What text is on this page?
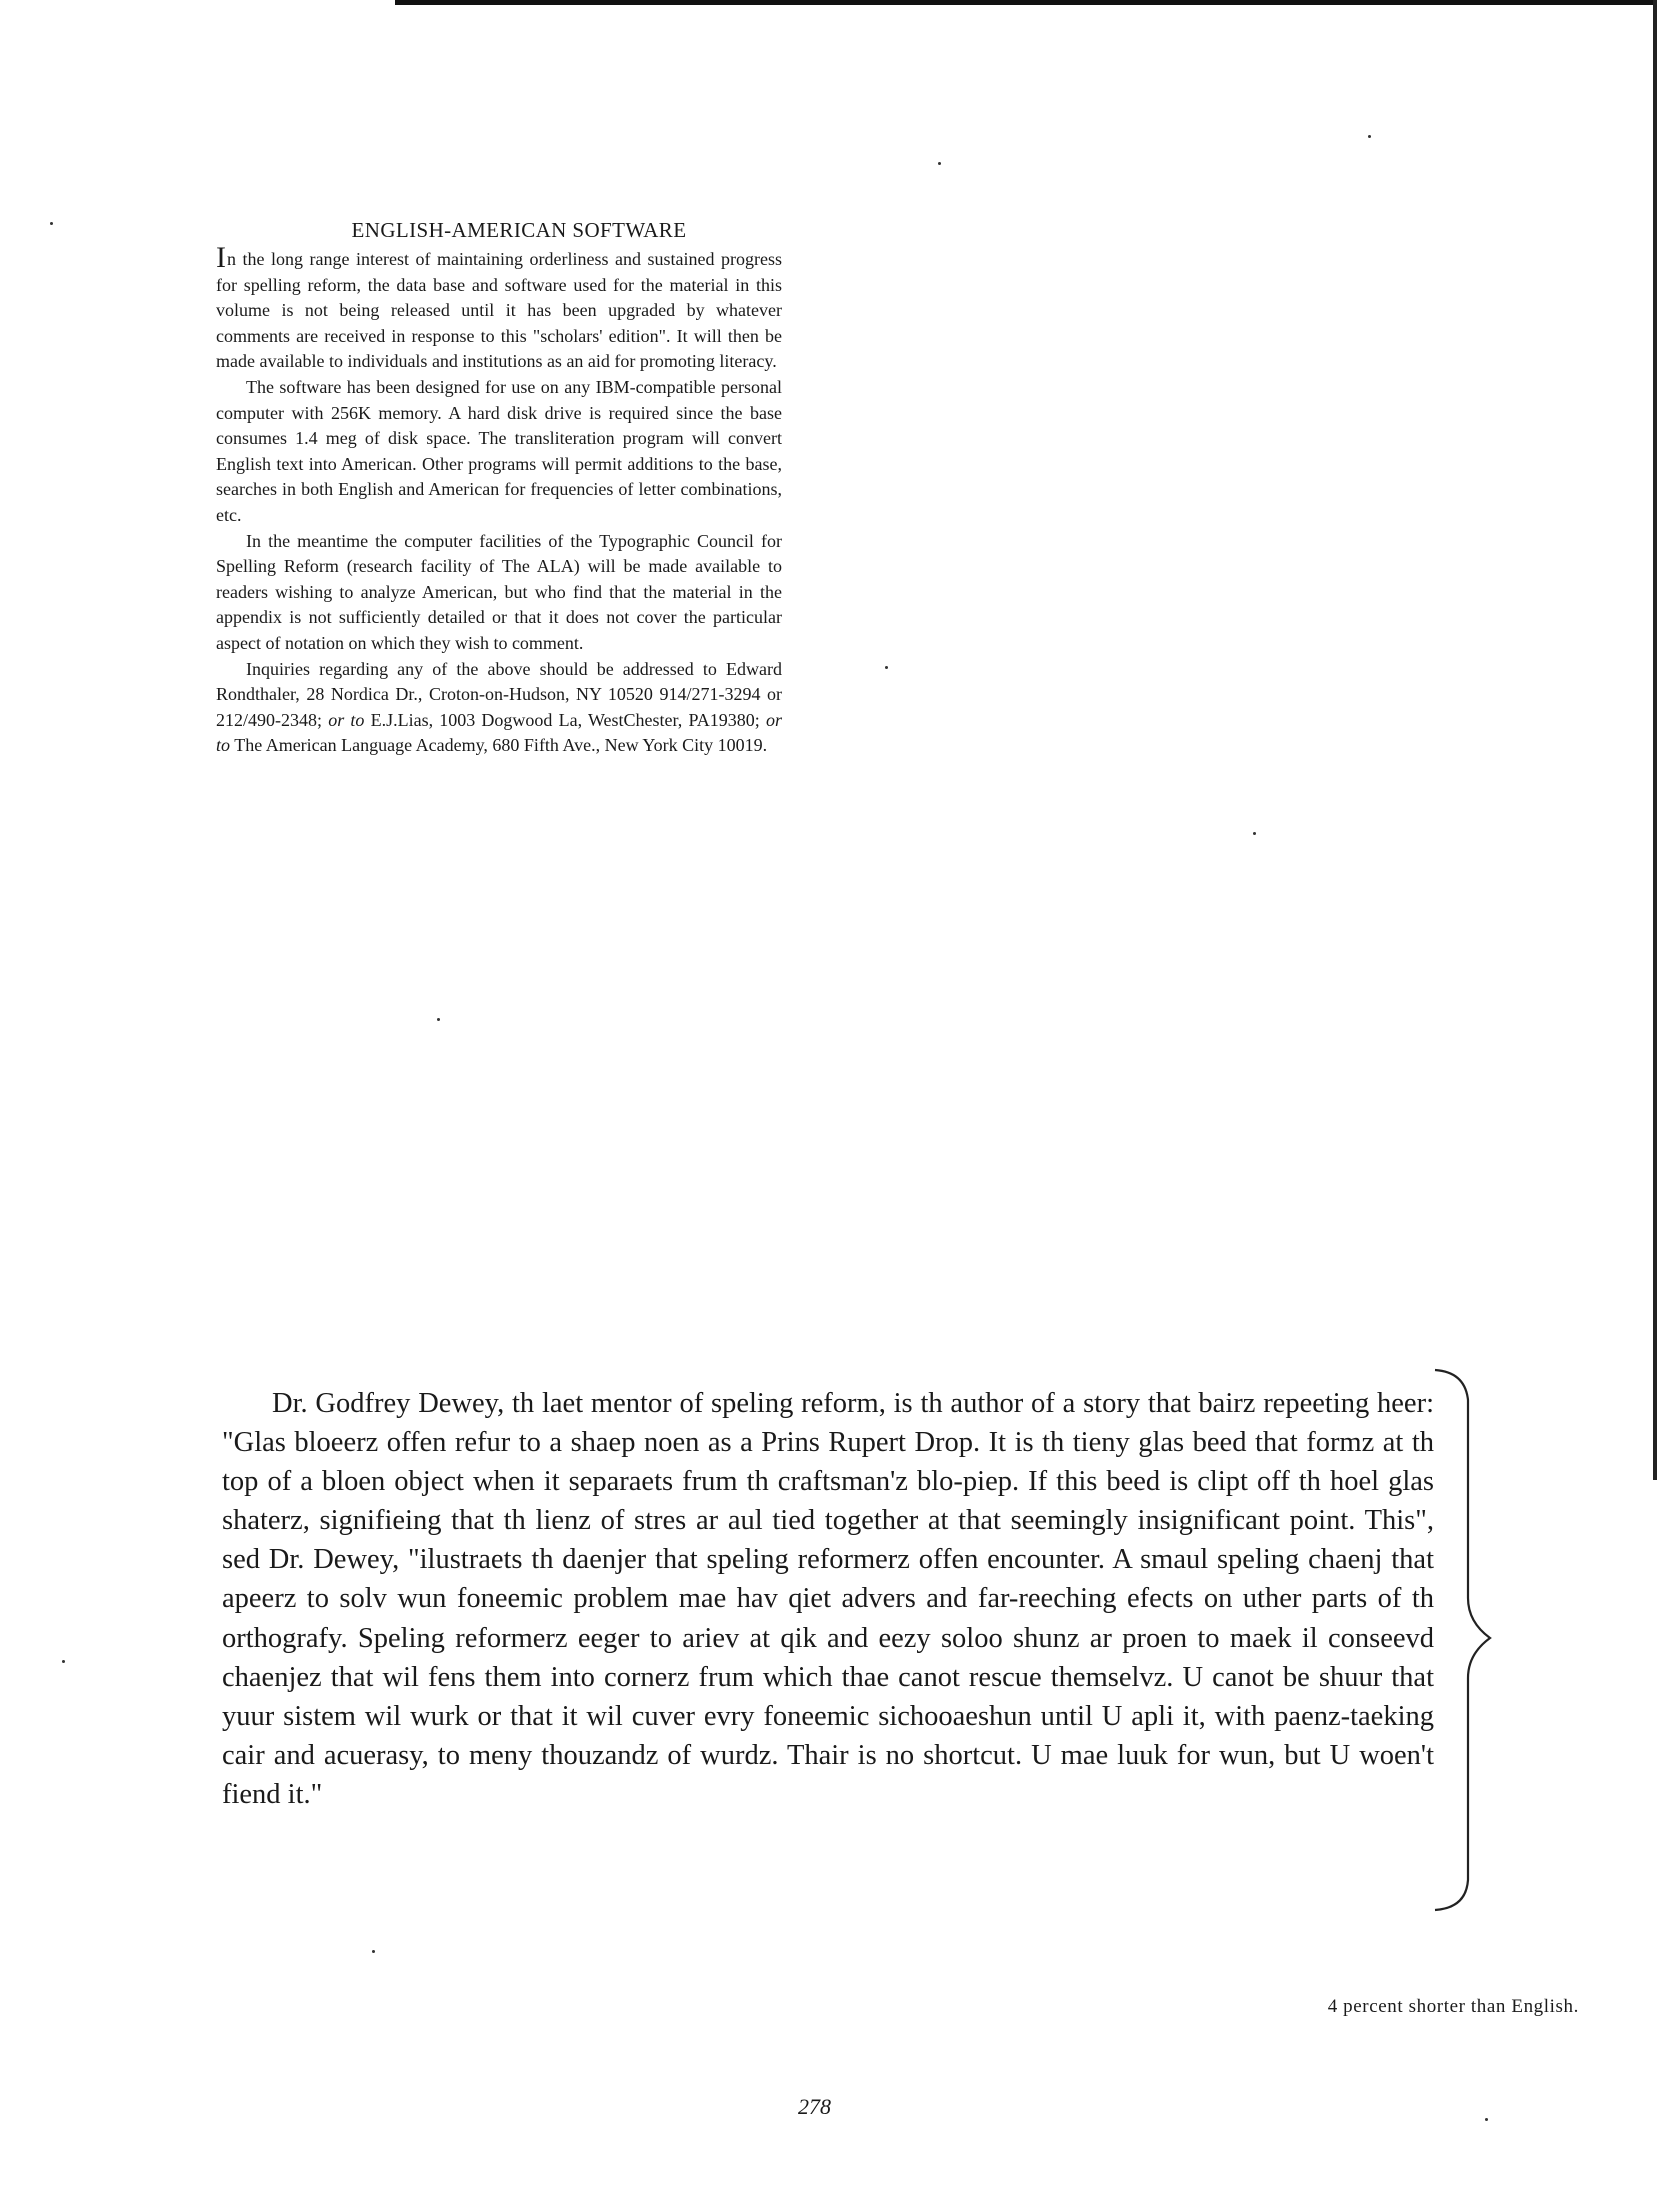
ENGLISH-AMERICAN SOFTWARE

In the long range interest of maintaining orderliness and sustained progress for spelling reform, the data base and software used for the material in this volume is not being released until it has been upgraded by whatever comments are received in response to this "scholars' edition". It will then be made available to individuals and institutions as an aid for promoting literacy.

The software has been designed for use on any IBM-compatible personal computer with 256K memory. A hard disk drive is required since the base consumes 1.4 meg of disk space. The transliteration program will convert English text into American. Other programs will permit additions to the base, searches in both English and American for frequencies of letter combinations, etc.

In the meantime the computer facilities of the Typographic Council for Spelling Reform (research facility of The ALA) will be made available to readers wishing to analyze American, but who find that the material in the appendix is not sufficiently detailed or that it does not cover the particular aspect of notation on which they wish to comment.

Inquiries regarding any of the above should be addressed to Edward Rondthaler, 28 Nordica Dr., Croton-on-Hudson, NY 10520 914/271-3294 or 212/490-2348; or to E.J.Lias, 1003 Dogwood La, WestChester, PA19380; or to The American Language Academy, 680 Fifth Ave., New York City 10019.

Dr. Godfrey Dewey, th laet mentor of speling reform, is th author of a story that bairz repeeting heer: "Glas bloeerz offen refur to a shaep noen as a Prins Rupert Drop. It is th tieny glas beed that formz at th top of a bloen object when it separaets frum th craftsman'z blo-piep. If this beed is clipt off th hoel glas shaterz, signifieing that th lienz of stres ar aul tied together at that seemingly insignificant point. This", sed Dr. Dewey, "ilustraets th daenjer that speling reformerz offen encounter. A smaul speling chaenj that apeerz to solv wun foneemic problem mae hav qiet advers and far-reeching efects on uther parts of th orthografy. Speling reformerz eeger to ariev at qik and eezy soloo shunz ar proen to maek il conseevd chaenjez that wil fens them into cornerz frum which thae canot rescue themselvz. U canot be shuur that yuur sistem wil wurk or that it wil cuver evry foneemic sichooaeshun until U apli it, with paenz-taeking cair and acuerasy, to meny thouzandz of wurdz. Thair is no shortcut. U mae luuk for wun, but U woen't fiend it."

4 percent shorter than English.
278
